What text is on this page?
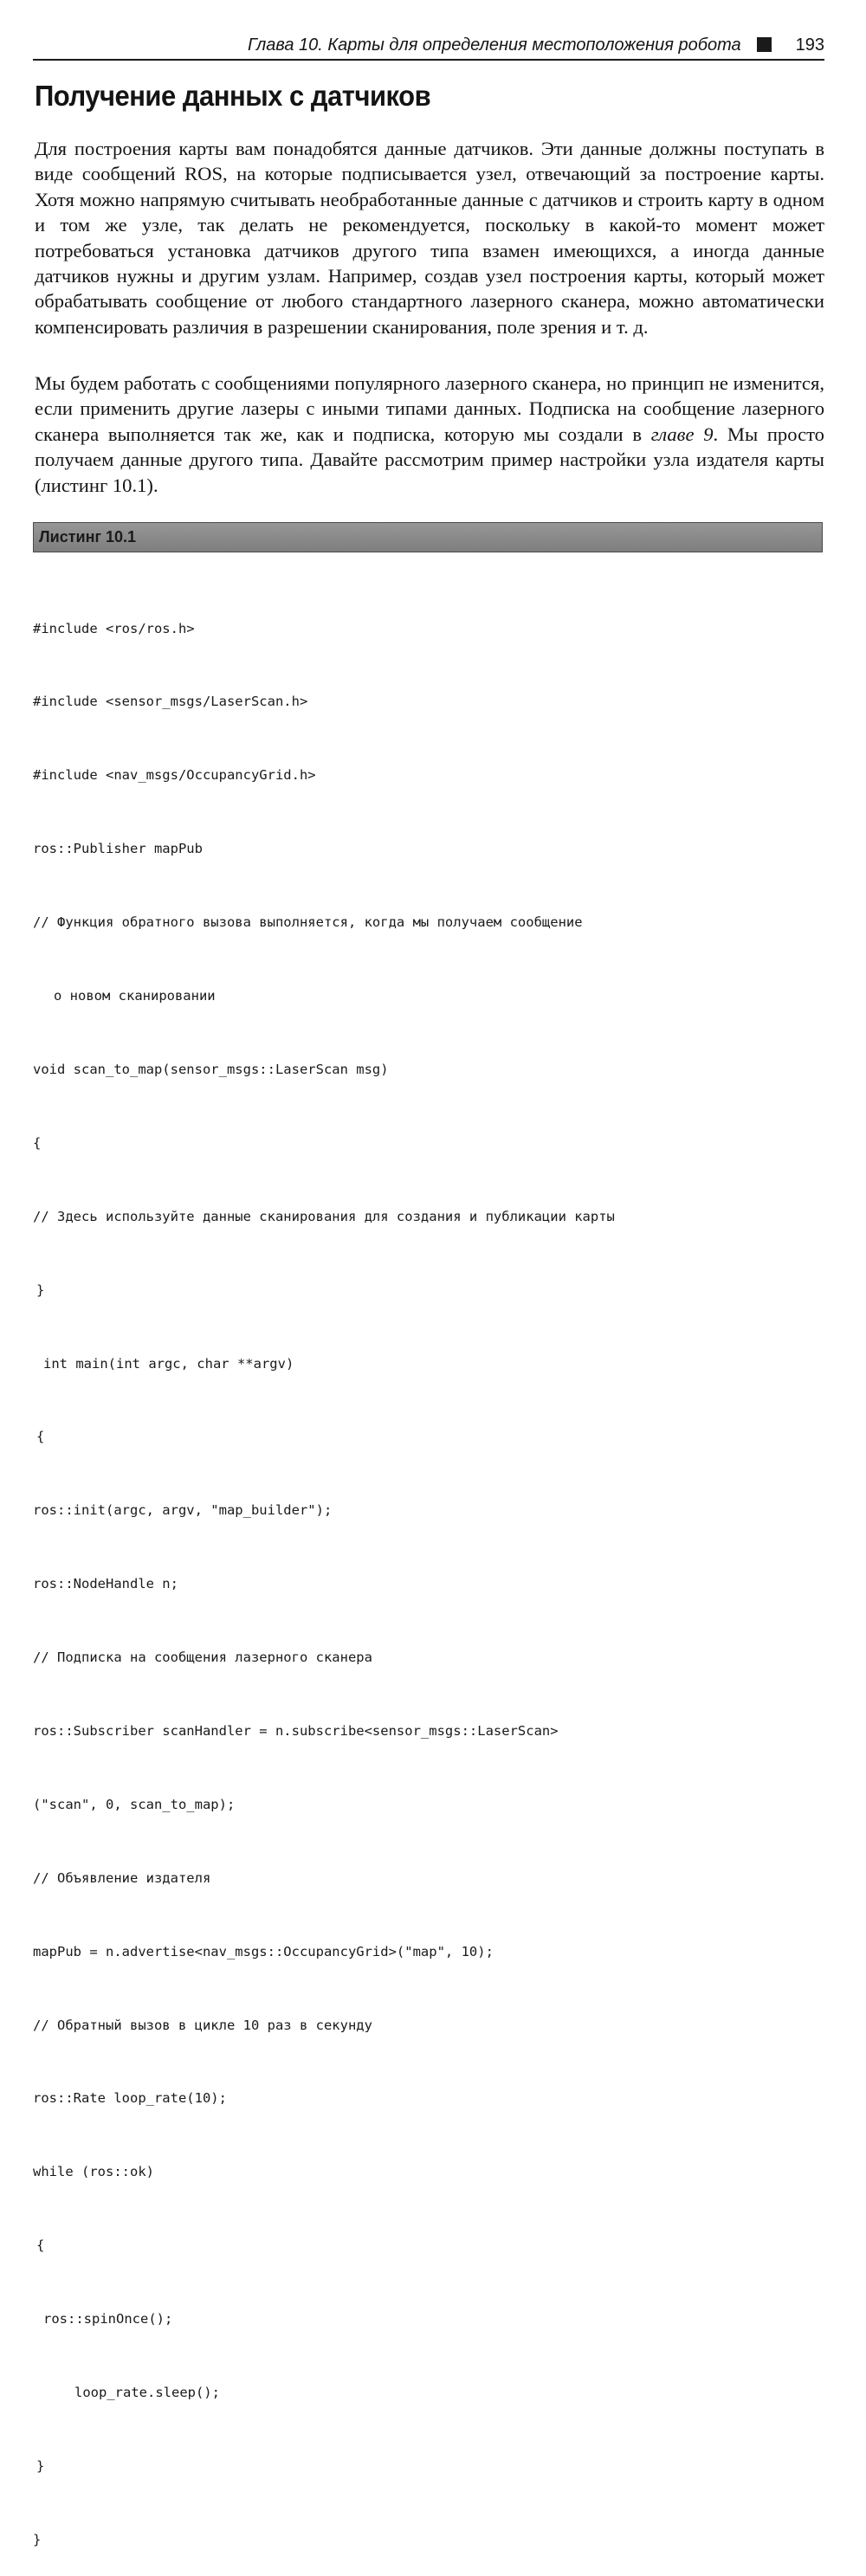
Глава 10. Карты для определения местоположения робота	193
Получение данных с датчиков

Для построения карты вам понадобятся данные датчиков. Эти данные должны поступать в виде сообщений ROS, на которые подписывается узел, отвечающий за построение карты. Хотя можно напрямую считывать необработанные данные с датчиков и строить карту в одном и том же узле, так делать не рекомендуется, поскольку в какой-то момент может потребоваться установка датчиков другого типа взамен имеющихся, а иногда данные датчиков нужны и другим узлам. Например, создав узел построения карты, который может обрабатывать сообщение от любого стандартного лазерного сканера, можно автоматически компенсировать различия в разрешении сканирования, поле зрения и т. д.

Мы будем работать с сообщениями популярного лазерного сканера, но принцип не изменится, если применить другие лазеры с иными типами данных. Подписка на сообщение лазерного сканера выполняется так же, как и подписка, которую мы создали в главе 9. Мы просто получаем данные другого типа. Давайте рассмотрим пример настройки узла издателя карты (листинг 10.1).

Листинг 10.1

#include <ros/ros.h>

#include <sensor_msgs/LaserScan.h>

#include <nav_msgs/OccupancyGrid.h>

ros::Publisher mapPub

// Функция обратного вызова выполняется, когда мы получаем сообщение

о новом сканировании

void scan_to_map(sensor_msgs::LaserScan msg)

{

// Здесь используйте данные сканирования для создания и публикации карты

}

int main(int argc, char **argv)

{

ros::init(argc, argv, "map_builder");

ros::NodeHandle n;

// Подписка на сообщения лазерного сканера

ros::Subscriber scanHandler = n.subscribe<sensor_msgs::LaserScan>

("scan", 0, scan_to_map);

// Объявление издателя

mapPub = n.advertise<nav_msgs::OccupancyGrid>("map", 10);

// Обратный вызов в цикле 10 раз в секунду

ros::Rate loop_rate(10);

while (ros::ok)

{

ros::spinOnce();

loop_rate.sleep();

}

}
